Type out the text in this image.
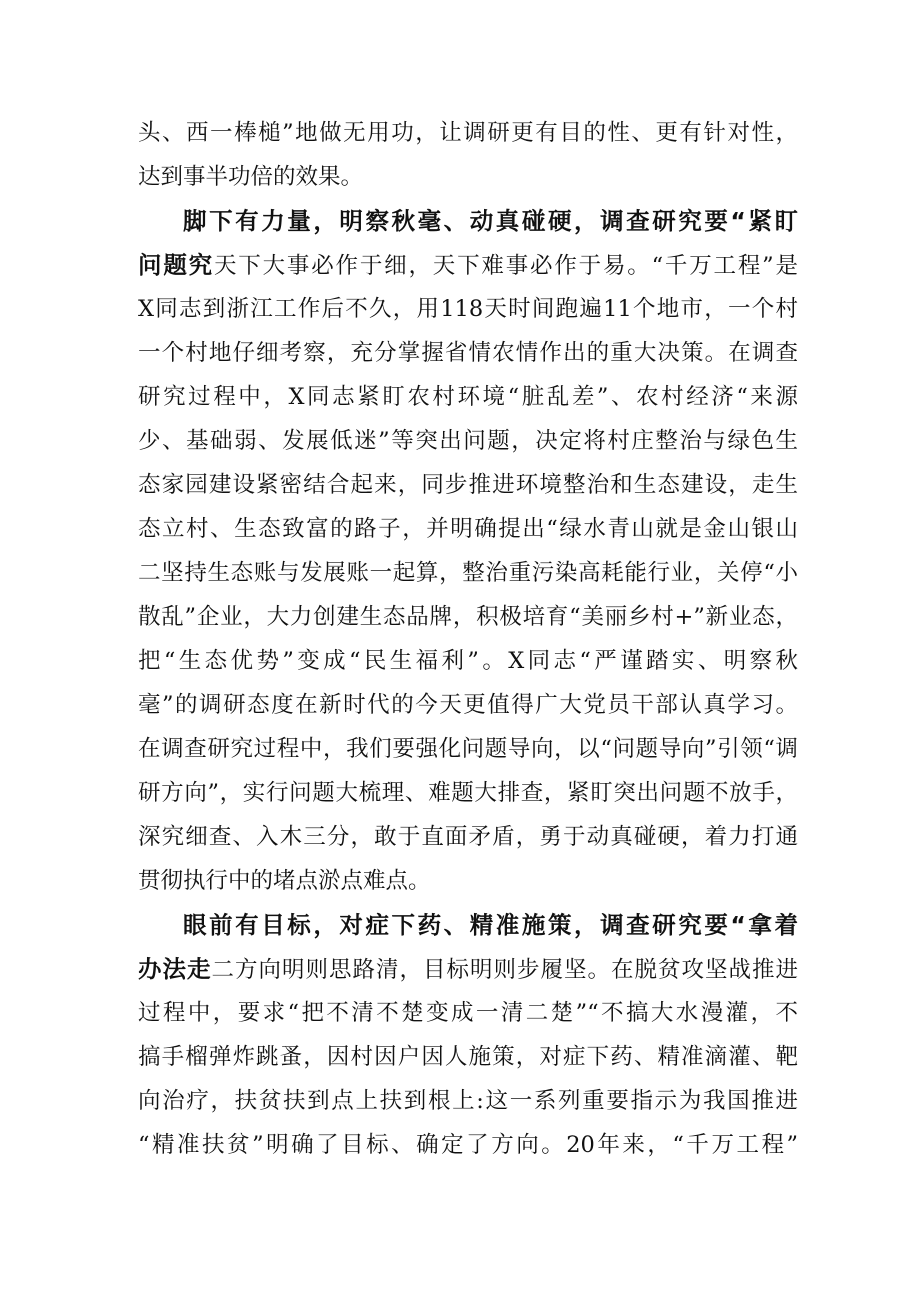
头、西一棒槌”地做无用功，让调研更有目的性、更有针对性，
达到事半功倍的效果。
脚下有力量，明察秋毫、动真碰硬，调查研究要“紧盯
问题究天下大事必作于细，天下难事必作于易。“千万工程”是
X同志到浙江工作后不久，用118天时间跑遍11个地市，一个村
一个村地仔细考察，充分掌握省情农情作出的重大决策。在调查
研究过程中，X同志紧盯农村环境“脏乱差”、农村经济“来源
少、基础弱、发展低迷”等突出问题，决定将村庄整治与绿色生
态家园建设紧密结合起来，同步推进环境整治和生态建设，走生
态立村、生态致富的路子，并明确提出“绿水青山就是金山银山
二坚持生态账与发展账一起算，整治重污染高耗能行业，关停“小
散乱”企业，大力创建生态品牌，积极培育“美丽乡村+”新业态，
把“生态优势”变成“民生福利”。X同志“严谨踏实、明察秋
毫”的调研态度在新时代的今天更值得广大党员干部认真学习。
在调查研究过程中，我们要强化问题导向，以“问题导向”引领“调
研方向”，实行问题大梳理、难题大排查，紧盯突出问题不放手，
深究细查、入木三分，敢于直面矛盾，勇于动真碰硬，着力打通
贯彻执行中的堵点淤点难点。
眼前有目标，对症下药、精准施策，调查研究要“拿着
办法走二方向明则思路清，目标明则步履坚。在脱贫攻坚战推进
过程中，要求“把不清不楚变成一清二楚”“不搞大水漫灌，不
搞手榴弹炸跳蚤，因村因户因人施策，对症下药、精准滴灌、靶
向治疗，扶贫扶到点上扶到根上:这一系列重要指示为我国推进
“精准扶贫”明确了目标、确定了方向。20年来，“千万工程”
